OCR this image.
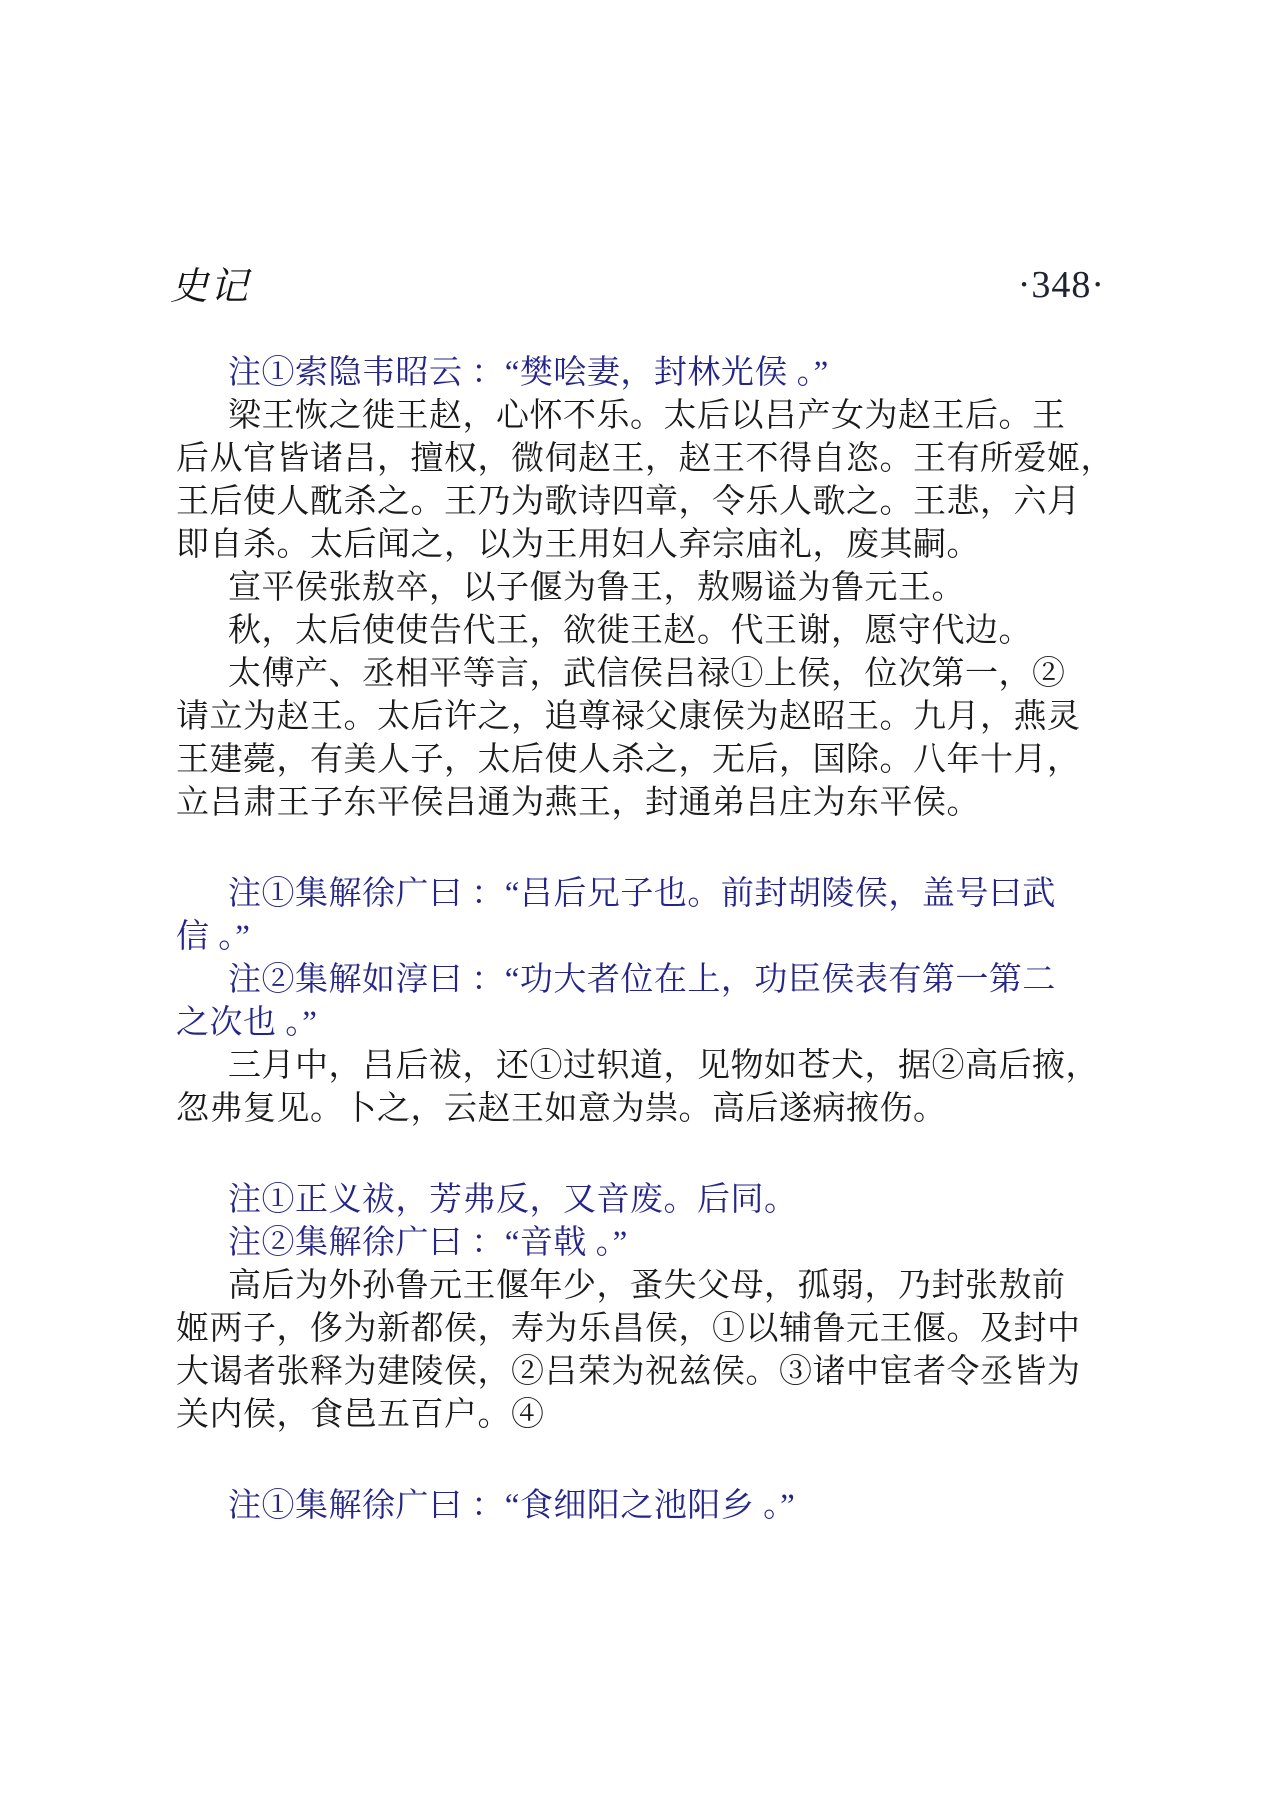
史记	·348·
注①索隐韦昭云 ：“樊哙妻，封林光侯 。”
梁王恢之徙王赵，心怀不乐。太后以吕产女为赵王后。王
后从官皆诸吕，擅权，微伺赵王，赵王不得自恣。王有所爱姬，
王后使人酖杀之。王乃为歌诗四章，令乐人歌之。王悲，六月
即自杀。太后闻之，以为王用妇人弃宗庙礼，废其嗣。
宣平侯张敖卒，以子偃为鲁王，敖赐谥为鲁元王。
秋，太后使使告代王，欲徙王赵。代王谢，愿守代边。
太傅产、丞相平等言，武信侯吕禄①上侯，位次第一，②
请立为赵王。太后许之，追尊禄父康侯为赵昭王。九月，燕灵
王建薨，有美人子，太后使人杀之，无后，国除。八年十月，
立吕肃王子东平侯吕通为燕王，封通弟吕庄为东平侯。
注①集解徐广曰 ：“吕后兄子也。前封胡陵侯，盖号曰武
信 。”
注②集解如淳曰 ：“功大者位在上，功臣侯表有第一第二
之次也 。”
三月中，吕后祓，还①过轵道，见物如苍犬，据②高后掖，
忽弗复见。卜之，云赵王如意为祟。高后遂病掖伤。
注①正义祓，芳弗反，又音废。后同。
注②集解徐广曰 ：“音戟 。”
高后为外孙鲁元王偃年少，蚤失父母，孤弱，乃封张敖前
姬两子，侈为新都侯，寿为乐昌侯，①以辅鲁元王偃。及封中
大谒者张释为建陵侯，②吕荣为祝兹侯。③诸中宦者令丞皆为
关内侯，食邑五百户。④
注①集解徐广曰 ：“食细阳之池阳乡 。”
